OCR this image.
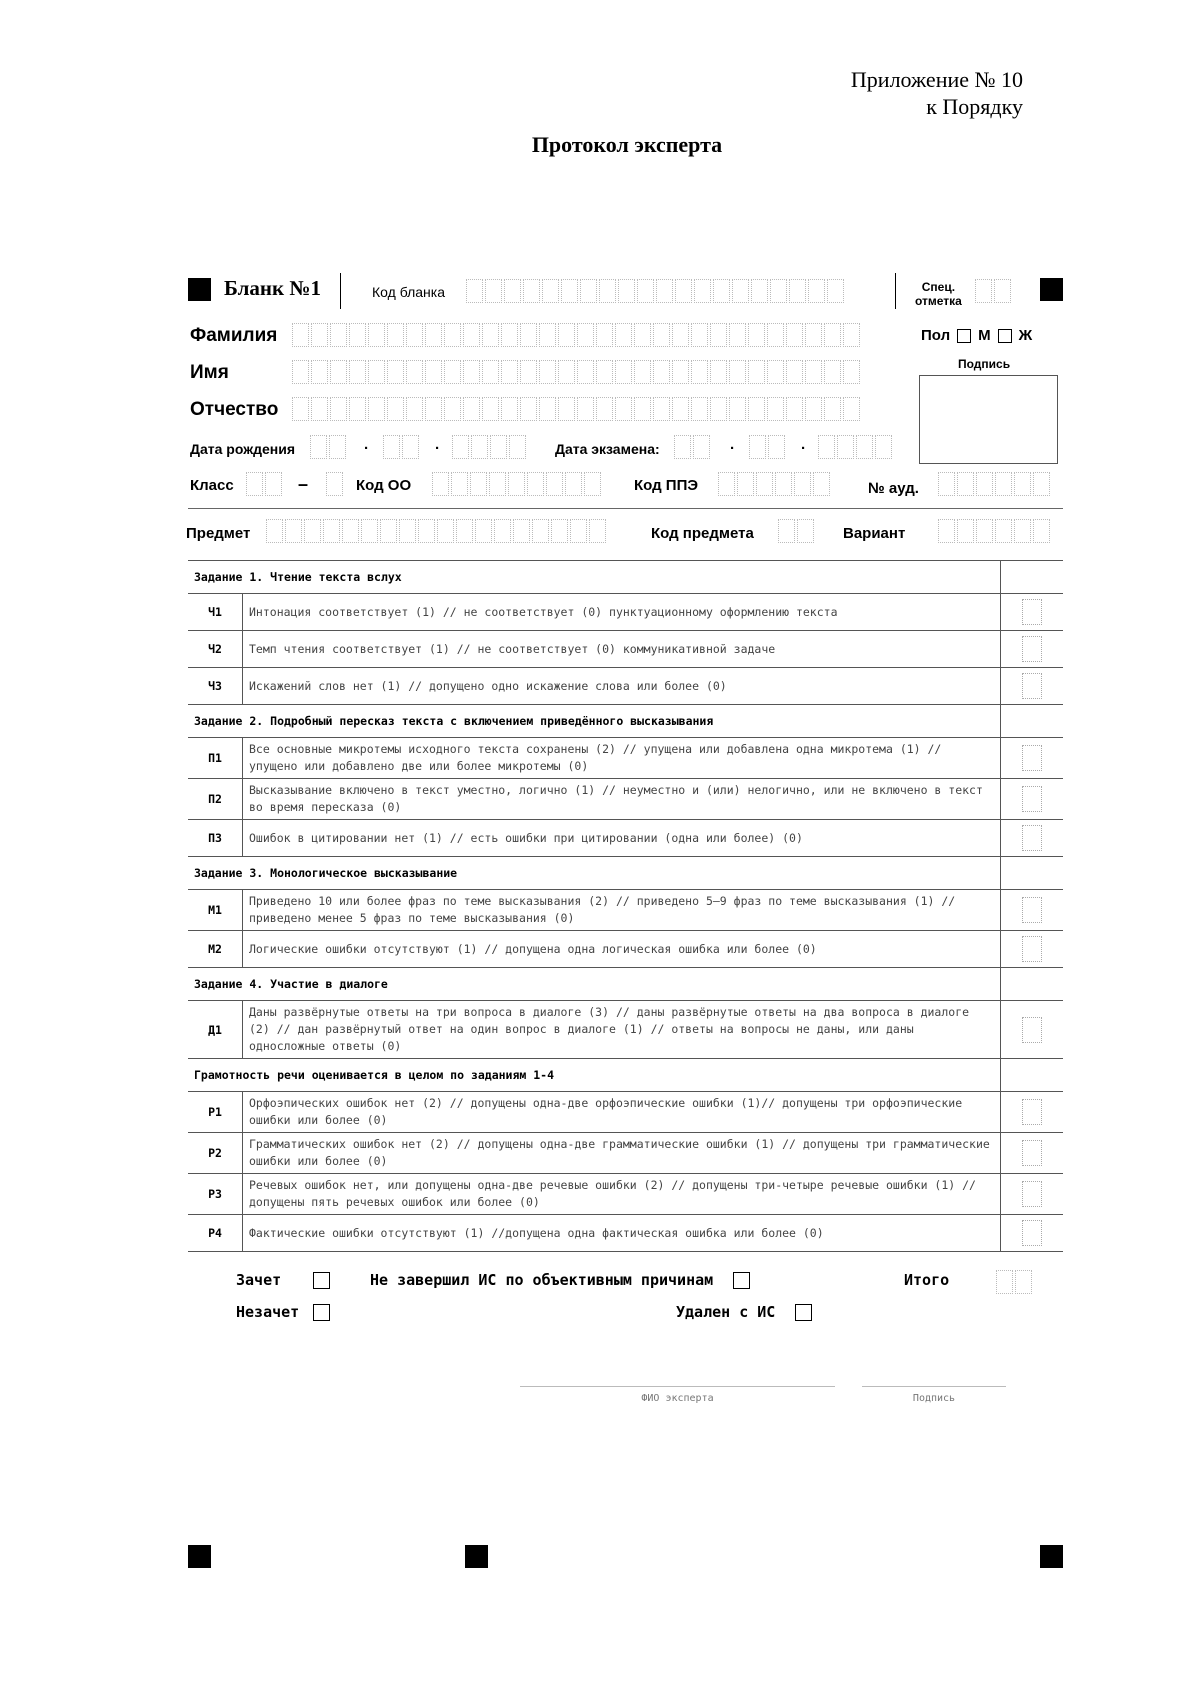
Приложение № 10
к Порядку
Протокол эксперта
Бланк №1	Код бланка	Спец.
отметка
Фамилия
Имя
Отчество
Пол М Ж
Подпись
Дата рождения	.	.	Дата экзамена:	.	.
Класс	–	Код ОО	Код ППЭ	№ ауд.
Предмет	Код предмета	Вариант
Задание 1. Чтение текста вслух		
Ч1	Интонация соответствует (1) // не соответствует (0) пунктуационному оформлению текста	
Ч2	Темп чтения соответствует (1) // не соответствует (0) коммуникативной задаче	
Ч3	Искажений слов нет (1) // допущено одно искажение слова или более (0)	
Задание 2. Подробный пересказ текста с включением приведённого высказывания		
П1	Все основные микротемы исходного текста сохранены (2) // упущена или добавлена одна микротема (1) // упущено или добавлено две или более микротемы (0)	
П2	Высказывание включено в текст уместно, логично (1) // неуместно и (или) нелогично, или не включено в текст во время пересказа (0)	
П3	Ошибок в цитировании нет (1) // есть ошибки при цитировании (одна или более) (0)	
Задание 3. Монологическое высказывание		
М1	Приведено 10 или более фраз по теме высказывания (2) // приведено 5–9 фраз по теме высказывания (1) // приведено менее 5 фраз по теме высказывания (0)	
М2	Логические ошибки отсутствуют (1) // допущена одна логическая ошибка или более (0)	
Задание 4. Участие в диалоге		
Д1	Даны развёрнутые ответы на три вопроса в диалоге (3) // даны развёрнутые ответы на два вопроса в диалоге (2) // дан развёрнутый ответ на один вопрос в диалоге (1) // ответы на вопросы не даны, или даны односложные ответы (0)	
Грамотность речи оценивается в целом по заданиям 1-4		
Р1	Орфоэпических ошибок нет (2) // допущены одна-две орфоэпические ошибки (1)// допущены три орфоэпические ошибки или более (0)	
Р2	Грамматических ошибок нет (2) // допущены одна-две грамматические ошибки (1) // допущены три грамматические ошибки или более (0)	
Р3	Речевых ошибок нет, или допущены одна-две речевые ошибки (2) // допущены три-четыре речевые ошибки (1) // допущены пять речевых ошибок или более (0)	
Р4	Фактические ошибки отсутствуют (1) //допущена одна фактическая ошибка или более (0)	
Зачет
Незачет
Не завершил ИС по объективным причинам
Удален с ИС
Итого
ФИО эксперта	Подпись
